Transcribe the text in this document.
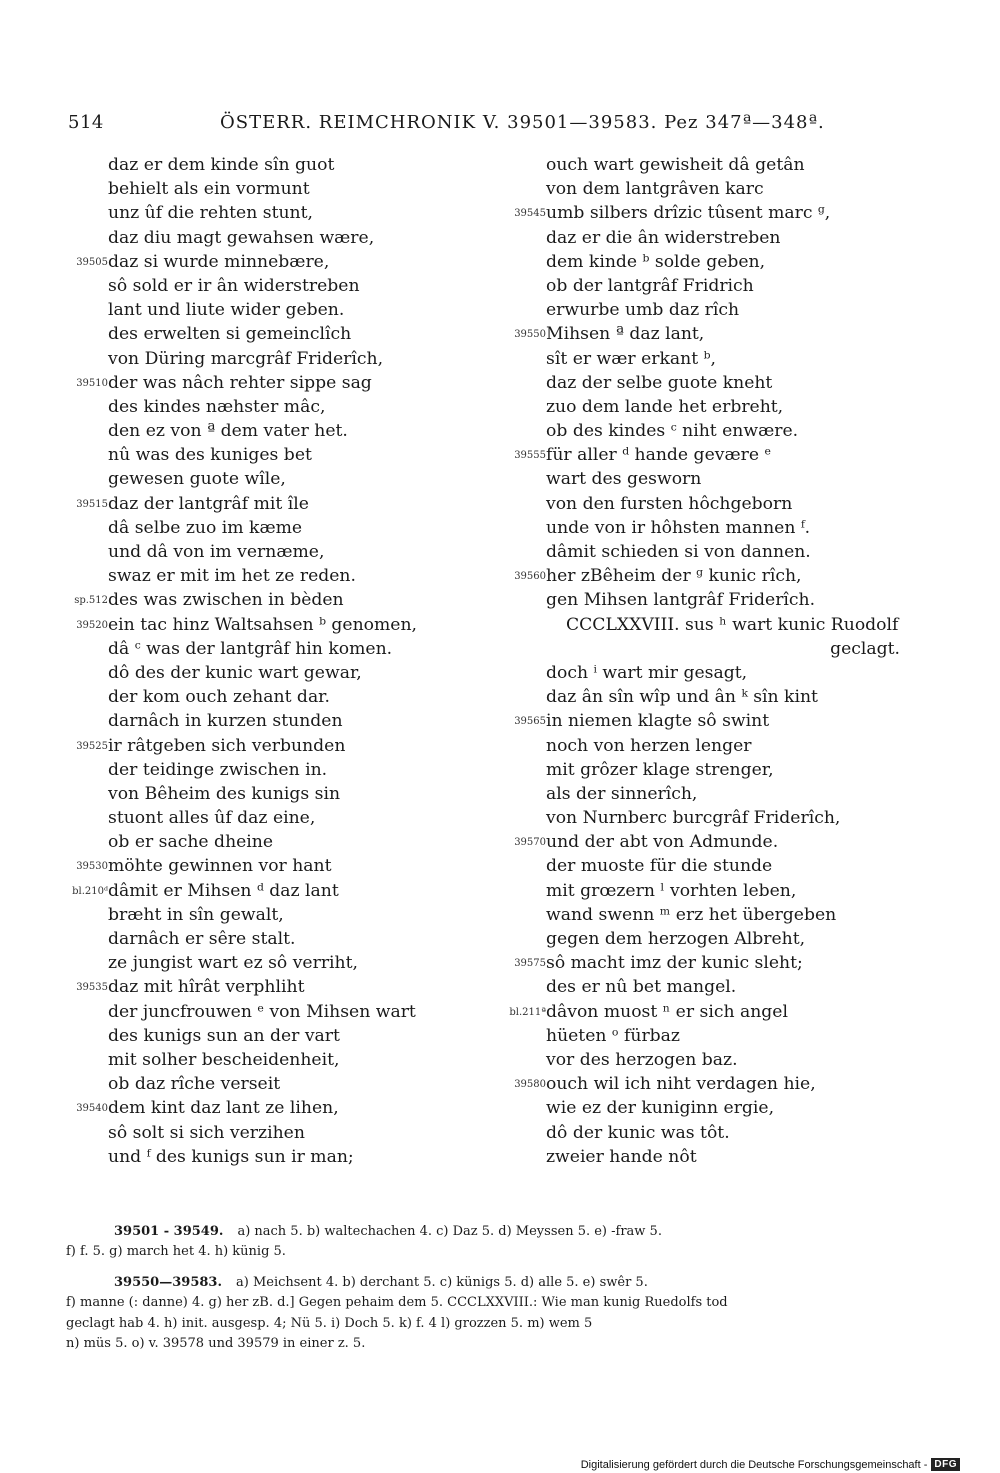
514	ÖSTERR. REIMCHRONIK V. 39501—39583. Pez 347ª—348ª.
daz er dem kinde sîn guot
behielt als ein vormunt
unz ûf die rehten stunt,
daz diu magt gewahsen wære,
39505 daz si wurde minnebære,
sô sold er ir ân widerstreben
lant und liute wider geben.
des erwelten si gemeinclîch
von Düring marcgrâf Friderîch,
39510 der was nâch rehter sippe sag
des kindes næhster mâc,
den ez von ª dem vater het.
nû was des kuniges bet
gewesen guote wîle,
39515 daz der lantgrâf mit île
dâ selbe zuo im kæme
und dâ von im vernæme,
swaz er mit im het ze reden.
sp.512 des was zwischen in bèden
39520 ein tac hinz Waltsahsen ᵇ genomen,
dâ ᶜ was der lantgrâf hin komen.
dô des der kunic wart gewar,
der kom ouch zehant dar.
darnâch in kurzen stunden
39525 ir râtgeben sich verbunden
der teidinge zwischen in.
von Bêheim des kunigs sin
stuont alles ûf daz eine,
ob er sache dheine
39530 möhte gewinnen vor hant
bl.210ᵈ dâmit er Mihsen ᵈ daz lant
bræht in sîn gewalt,
darnâch er sêre stalt.
ze jungist wart ez sô verriht,
39535 daz mit hîrât verphliht
der juncfrouwen ᵉ von Mihsen wart
des kunigs sun an der vart
mit solher bescheidenheit,
ob daz rîche verseit
39540 dem kint daz lant ze lihen,
sô solt si sich verzihen
und ᶠ des kunigs sun ir man;
ouch wart gewisheit dâ getân
von dem lantgrâven karc
39545 umb silbers drîzic tûsent marc ᵍ,
daz er die ân widerstreben
dem kinde ᵇ solde geben,
ob der lantgrâf Fridrich
erwurbe umb daz rîch
39550 Mihsen ª daz lant,
sît er wær erkant ᵇ,
daz der selbe guote kneht
zuo dem lande het erbreht,
ob des kindes ᶜ niht enwære.
39555 für aller ᵈ hande gevære ᵉ
wart des gesworn
von den fursten hôchgeborn
unde von ir hôhsten mannen ᶠ.
dâmit schieden si von dannen.
39560 her zBêheim der ᵍ kunic rîch,
gen Mihsen lantgrâf Friderîch.
CCCLXXVIII. sus ʰ wart kunic Ruodolf
geclagt.
doch ⁱ wart mir gesagt,
daz ân sîn wîp und ân ᵏ sîn kint
39565 in niemen klagte sô swint
noch von herzen lenger
mit grôzer klage strenger,
als der sinnerîch,
von Nurnberc burcgrâf Friderîch,
39570 und der abt von Admunde.
der muoste für die stunde
mit grœzern ˡ vorhten leben,
wand swenn ᵐ erz het übergeben
gegen dem herzogen Albreht,
39575 sô macht imz der kunic sleht;
des er nû bet mangel.
bl.211ª dâvon muost ⁿ er sich angel
hüeten ᵒ fürbaz
vor des herzogen baz.
39580 ouch wil ich niht verdagen hie,
wie ez der kuniginn ergie,
dô der kunic was tôt.
zweier hande nôt
39501 - 39549. a) nach 5. b) waltechachen 4. c) Daz 5. d) Meyssen 5. e) -fraw 5.
f) f. 5. g) march het 4. h) künig 5.
39550—39583. a) Meichsent 4. b) derchant 5. c) künigs 5. d) alle 5. e) swêr 5.
f) manne (: danne) 4. g) her zB. d.] Gegen pehaim dem 5. CCCLXXVIII.: Wie man kunig Ruedolfs tod
geclagt hab 4. h) init. ausgesp. 4; Nü 5. i) Doch 5. k) f. 4 l) grozzen 5. m) wem 5
n) müs 5. o) v. 39578 und 39579 in einer z. 5.
Digitalisierung gefördert durch die Deutsche Forschungsgemeinschaft - DFG
